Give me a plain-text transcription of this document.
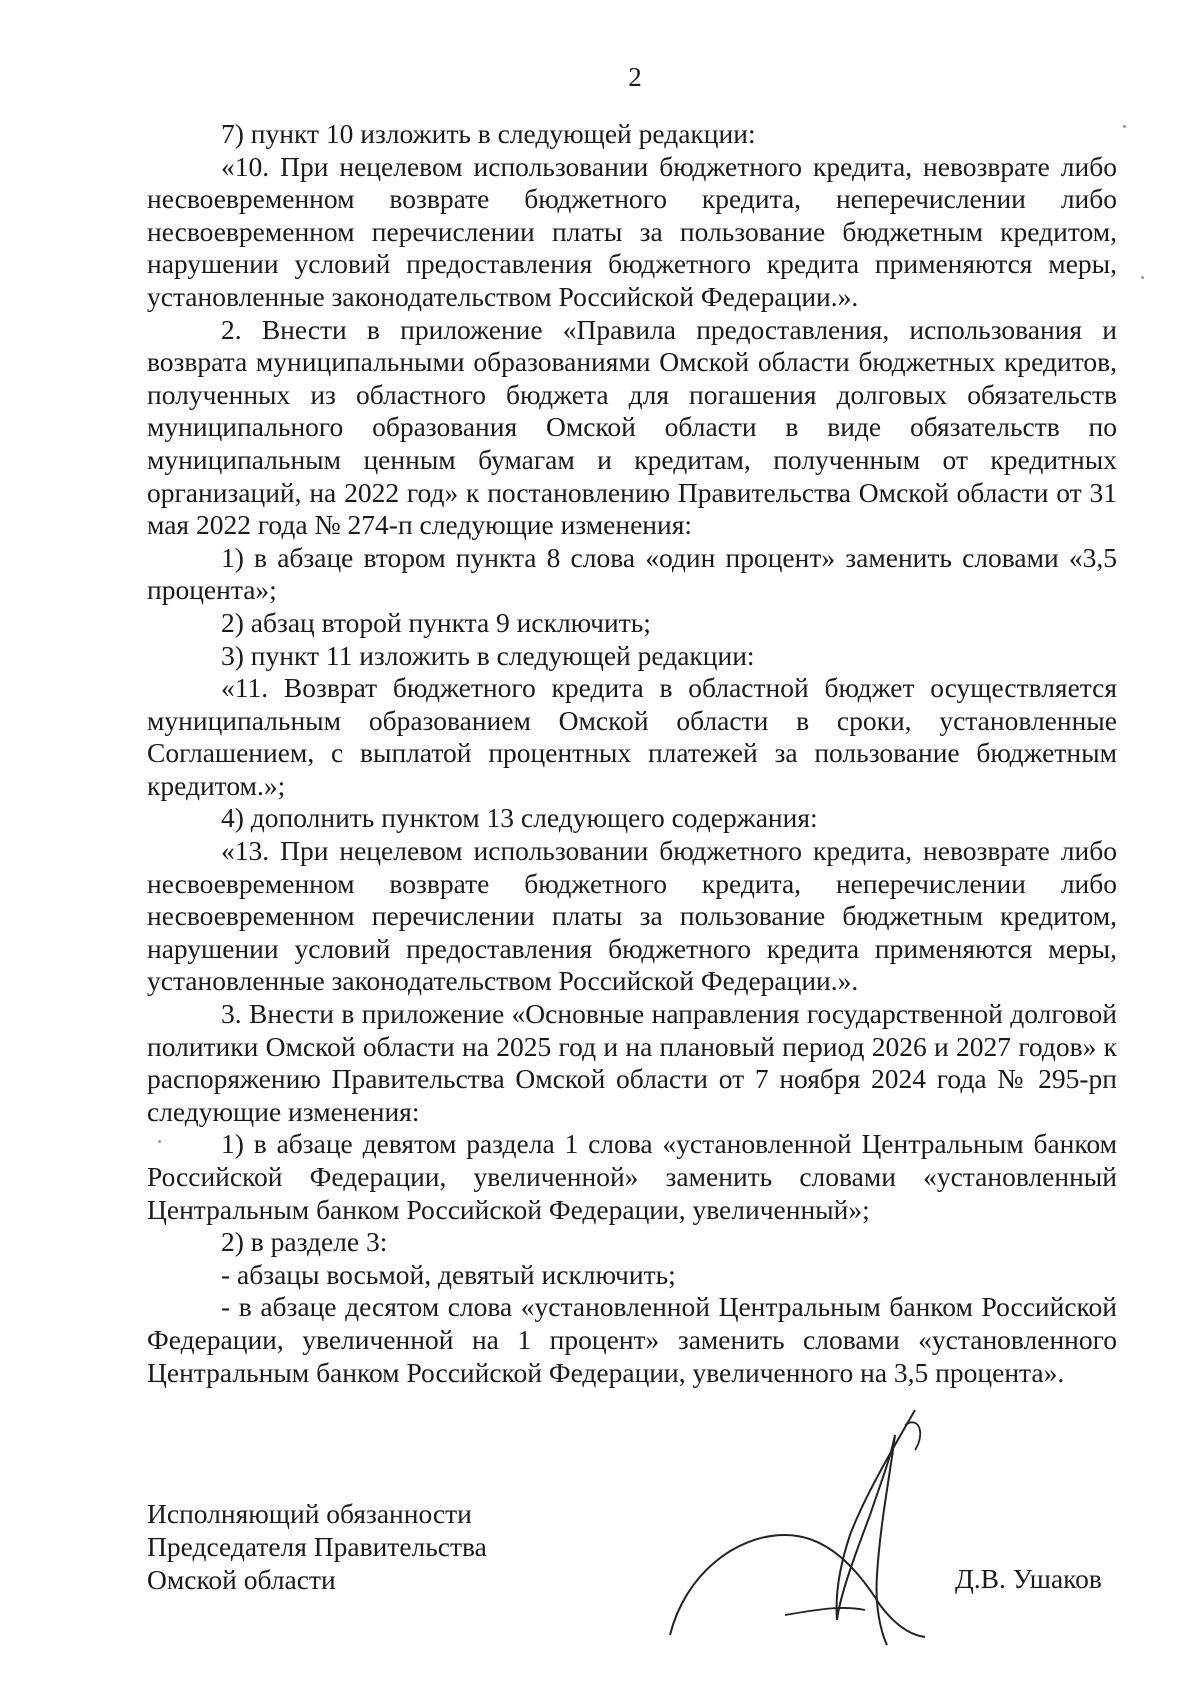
2

7) пункт 10 изложить в следующей редакции:

«10. При нецелевом использовании бюджетного кредита, невозврате либо несвоевременном возврате бюджетного кредита, неперечислении либо несвоевременном перечислении платы за пользование бюджетным кредитом, нарушении условий предоставления бюджетного кредита применяются меры, установленные законодательством Российской Федерации.».

2. Внести в приложение «Правила предоставления, использования и возврата муниципальными образованиями Омской области бюджетных кредитов, полученных из областного бюджета для погашения долговых обязательств муниципального образования Омской области в виде обязательств по муниципальным ценным бумагам и кредитам, полученным от кредитных организаций, на 2022 год» к постановлению Правительства Омской области от 31 мая 2022 года № 274-п следующие изменения:

1) в абзаце втором пункта 8 слова «один процент» заменить словами «3,5 процента»;

2) абзац второй пункта 9 исключить;

3) пункт 11 изложить в следующей редакции:

«11. Возврат бюджетного кредита в областной бюджет осуществляется муниципальным образованием Омской области в сроки, установленные Соглашением, с выплатой процентных платежей за пользование бюджетным кредитом.»;

4) дополнить пунктом 13 следующего содержания:

«13. При нецелевом использовании бюджетного кредита, невозврате либо несвоевременном возврате бюджетного кредита, неперечислении либо несвоевременном перечислении платы за пользование бюджетным кредитом, нарушении условий предоставления бюджетного кредита применяются меры, установленные законодательством Российской Федерации.».

3. Внести в приложение «Основные направления государственной долговой политики Омской области на 2025 год и на плановый период 2026 и 2027 годов» к распоряжению Правительства Омской области от 7 ноября 2024 года № 295-рп следующие изменения:

1) в абзаце девятом раздела 1 слова «установленной Центральным банком Российской Федерации, увеличенной» заменить словами «установленный Центральным банком Российской Федерации, увеличенный»;

2) в разделе 3:

- абзацы восьмой, девятый исключить;

- в абзаце десятом слова «установленной Центральным банком Российской Федерации, увеличенной на 1 процент» заменить словами «установленного Центральным банком Российской Федерации, увеличенного на 3,5 процента».

Исполняющий обязанности
Председателя Правительства
Омской области	Д.В. Ушаков
